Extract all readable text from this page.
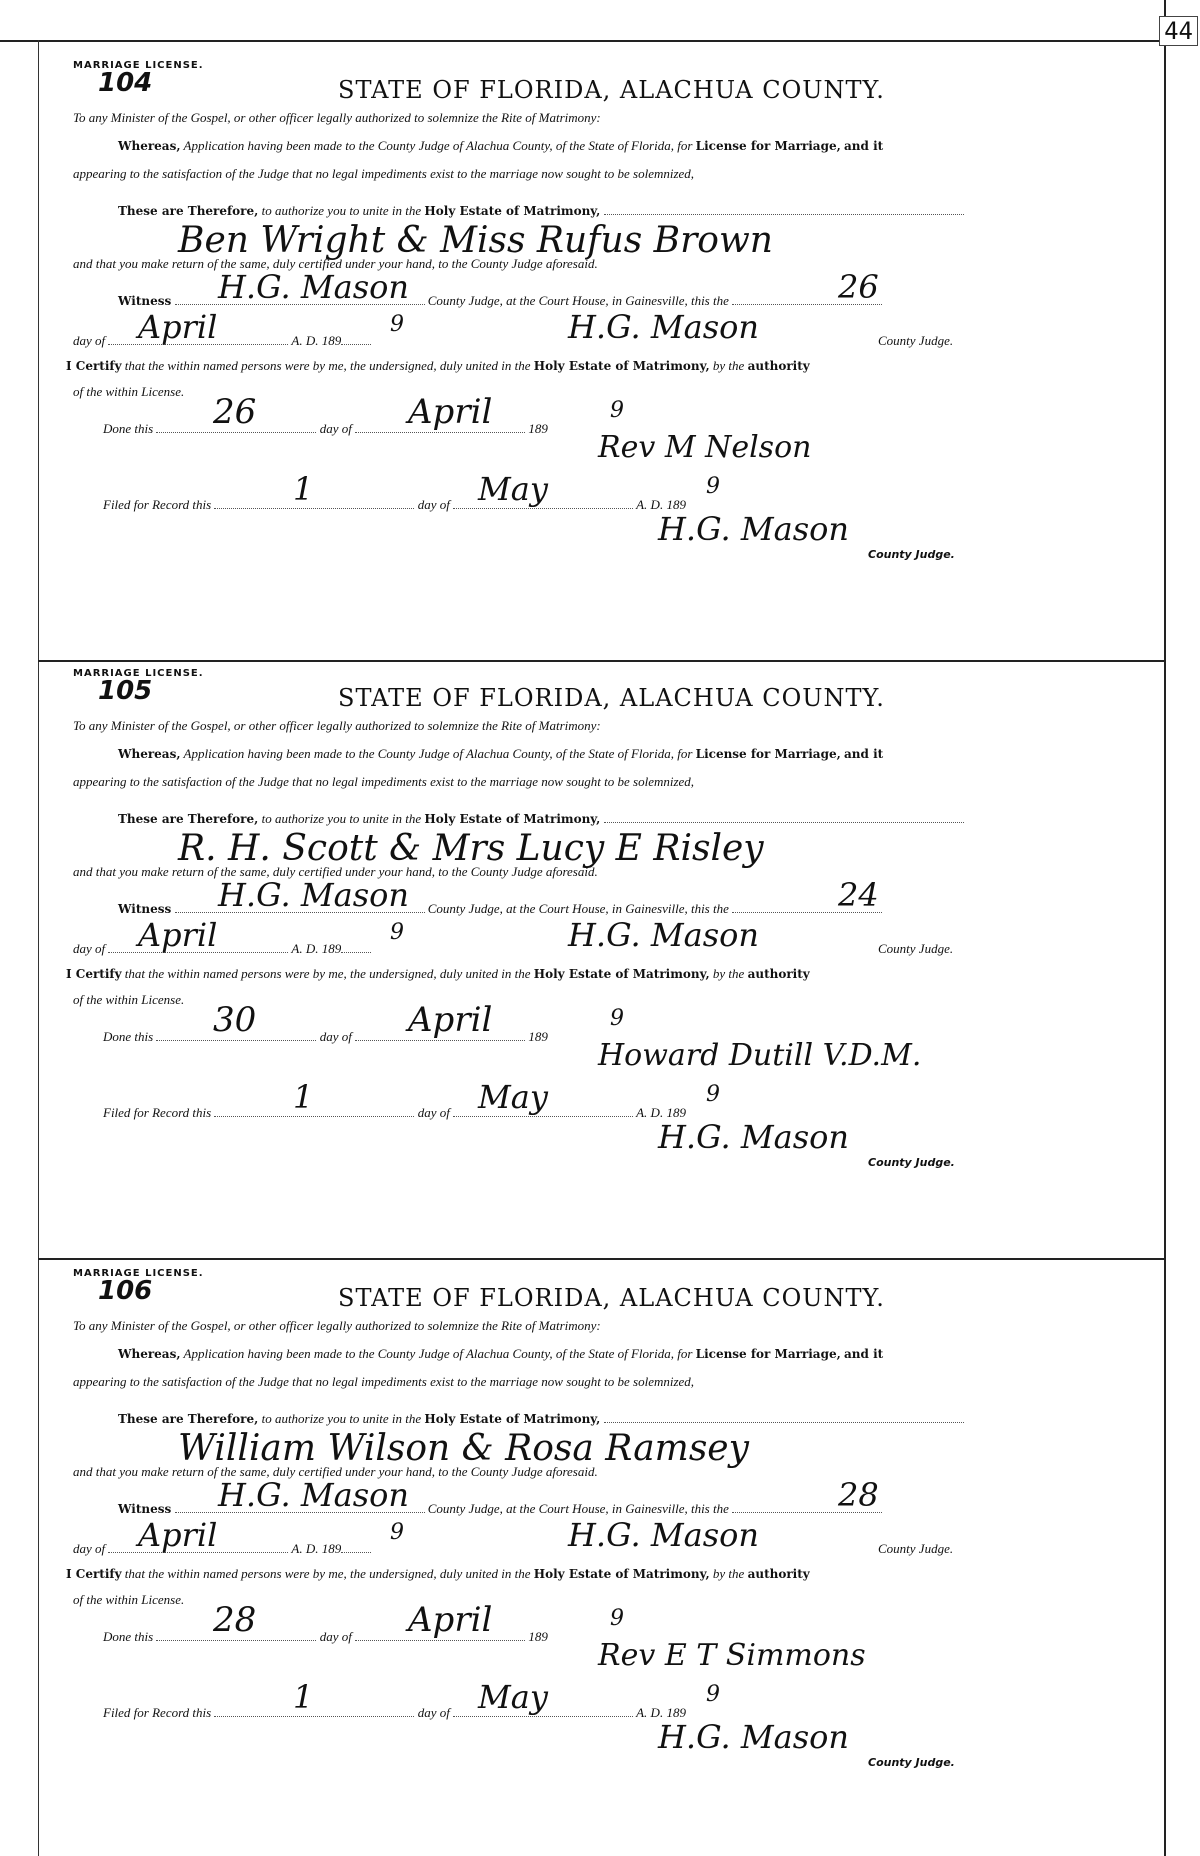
44
MARRIAGE LICENSE.
104	STATE OF FLORIDA, ALACHUA COUNTY.
To any Minister of the Gospel, or other officer legally authorized to solemnize the Rite of Matrimony:
Whereas, Application having been made to the County Judge of Alachua County, of the State of Florida, for License for Marriage, and it
appearing to the satisfaction of the Judge that no legal impediments exist to the marriage now sought to be solemnized,
These are Therefore, to authorize you to unite in the Holy Estate of Matrimony,
Ben Wright & Miss Rufus Brown
and that you make return of the same, duly certified under your hand, to the County Judge aforesaid.
Witness	County Judge, at the Court House, in Gainesville, this the
H.G. Mason	26
day of	A. D. 189
April	9	H.G. Mason	County Judge.
I Certify that the within named persons were by me, the undersigned, duly united in the Holy Estate of Matrimony, by the authority
of the within License.
Done this	day of	189
26	April	9
Rev M Nelson
Filed for Record this	day of	A. D. 189
1	May	9
H.G. Mason
County Judge.
MARRIAGE LICENSE.
105	STATE OF FLORIDA, ALACHUA COUNTY.
To any Minister of the Gospel, or other officer legally authorized to solemnize the Rite of Matrimony:
Whereas, Application having been made to the County Judge of Alachua County, of the State of Florida, for License for Marriage, and it
appearing to the satisfaction of the Judge that no legal impediments exist to the marriage now sought to be solemnized,
These are Therefore, to authorize you to unite in the Holy Estate of Matrimony,
R. H. Scott & Mrs Lucy E Risley
and that you make return of the same, duly certified under your hand, to the County Judge aforesaid.
Witness	County Judge, at the Court House, in Gainesville, this the
H.G. Mason	24
day of	A. D. 189
April	9	H.G. Mason	County Judge.
I Certify that the within named persons were by me, the undersigned, duly united in the Holy Estate of Matrimony, by the authority
of the within License.
Done this	day of	189
30	April	9
Howard Dutill V.D.M.
Filed for Record this	day of	A. D. 189
1	May	9
H.G. Mason
County Judge.
MARRIAGE LICENSE.
106	STATE OF FLORIDA, ALACHUA COUNTY.
To any Minister of the Gospel, or other officer legally authorized to solemnize the Rite of Matrimony:
Whereas, Application having been made to the County Judge of Alachua County, of the State of Florida, for License for Marriage, and it
appearing to the satisfaction of the Judge that no legal impediments exist to the marriage now sought to be solemnized,
These are Therefore, to authorize you to unite in the Holy Estate of Matrimony,
William Wilson & Rosa Ramsey
and that you make return of the same, duly certified under your hand, to the County Judge aforesaid.
Witness	County Judge, at the Court House, in Gainesville, this the
H.G. Mason	28
day of	A. D. 189
April	9	H.G. Mason	County Judge.
I Certify that the within named persons were by me, the undersigned, duly united in the Holy Estate of Matrimony, by the authority
of the within License.
Done this	day of	189
28	April	9
Rev E T Simmons
Filed for Record this	day of	A. D. 189
1	May	9
H.G. Mason
County Judge.
